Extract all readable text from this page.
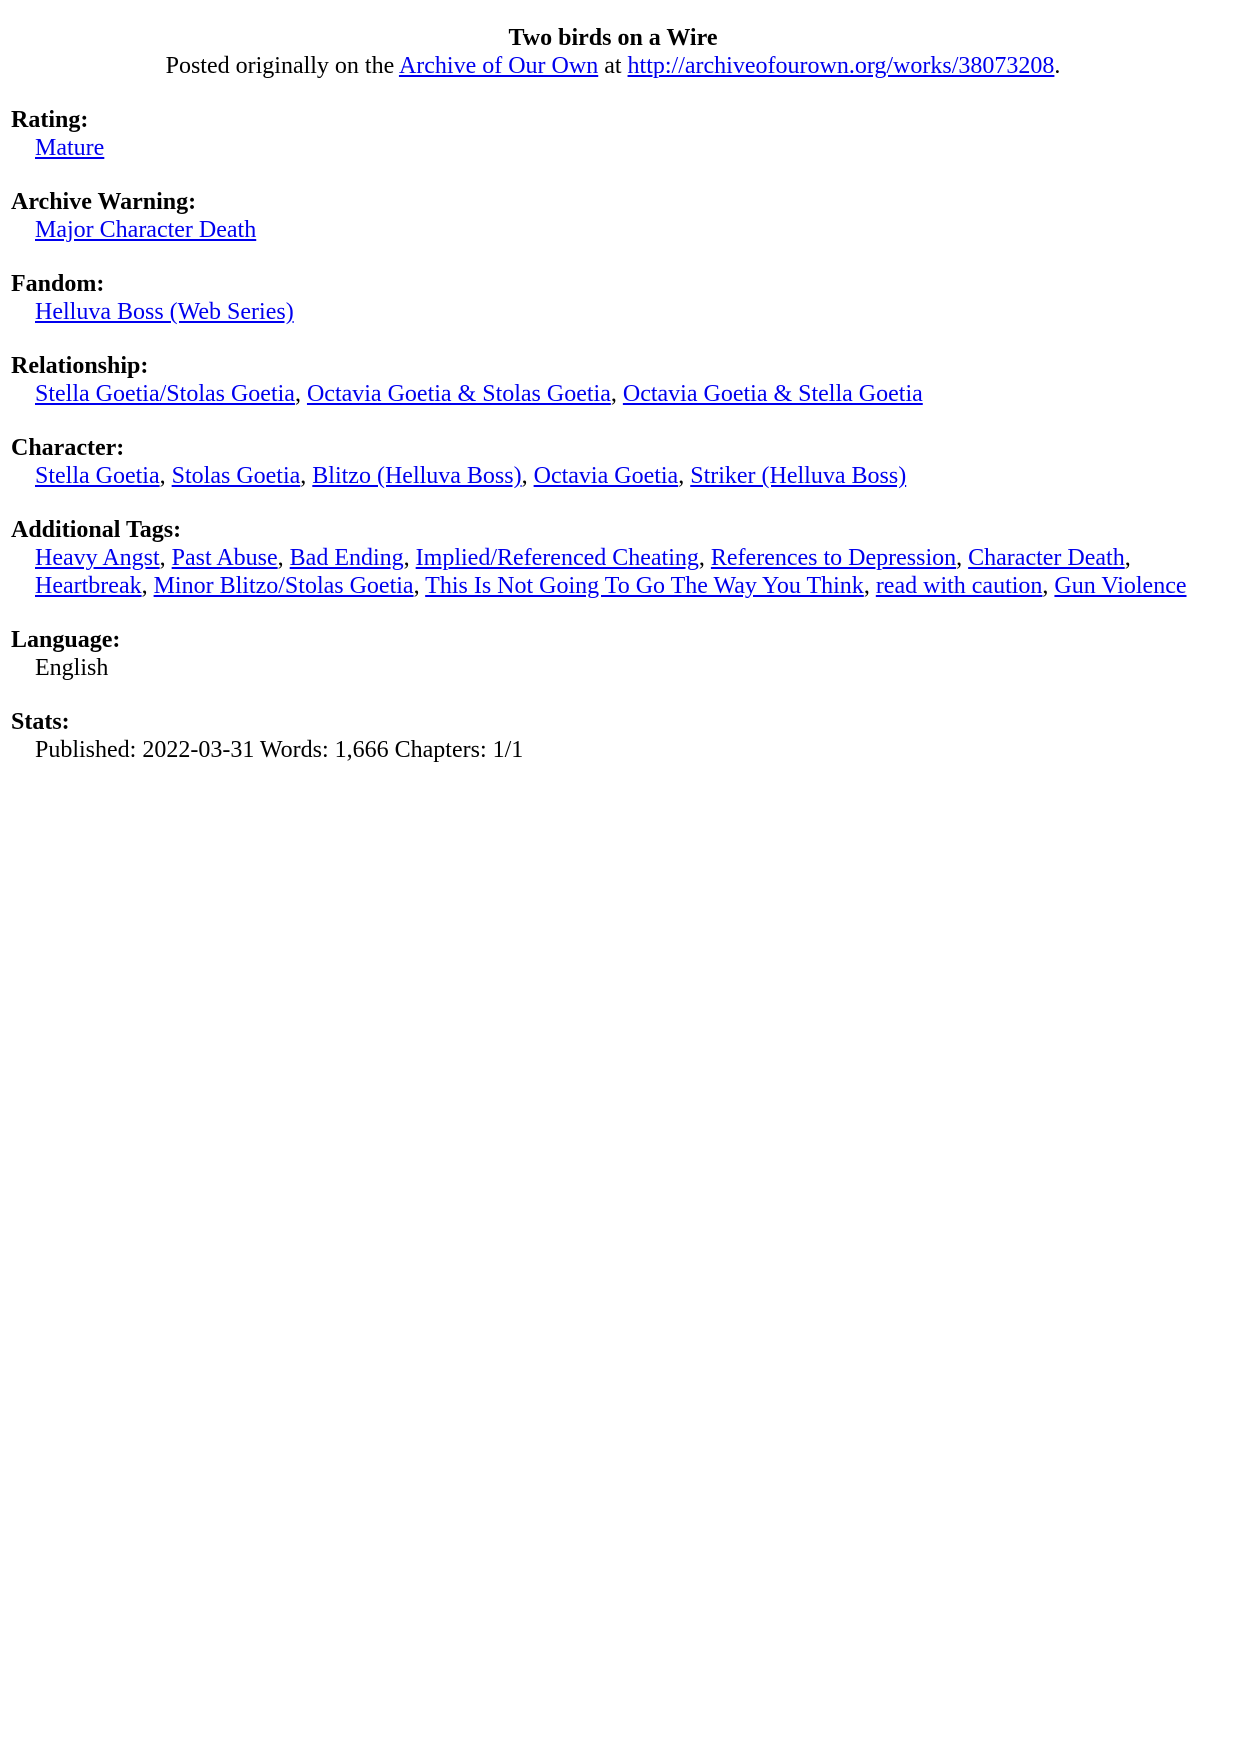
Two birds on a Wire
Posted originally on the Archive of Our Own at http://archiveofourown.org/works/38073208.
Rating:
Mature
Archive Warning:
Major Character Death
Fandom:
Helluva Boss (Web Series)
Relationship:
Stella Goetia/Stolas Goetia, Octavia Goetia & Stolas Goetia, Octavia Goetia & Stella Goetia
Character:
Stella Goetia, Stolas Goetia, Blitzo (Helluva Boss), Octavia Goetia, Striker (Helluva Boss)
Additional Tags:
Heavy Angst, Past Abuse, Bad Ending, Implied/Referenced Cheating, References to Depression, Character Death, Heartbreak, Minor Blitzo/Stolas Goetia, This Is Not Going To Go The Way You Think, read with caution, Gun Violence
Language:
English
Stats:
Published: 2022-03-31 Words: 1,666 Chapters: 1/1
